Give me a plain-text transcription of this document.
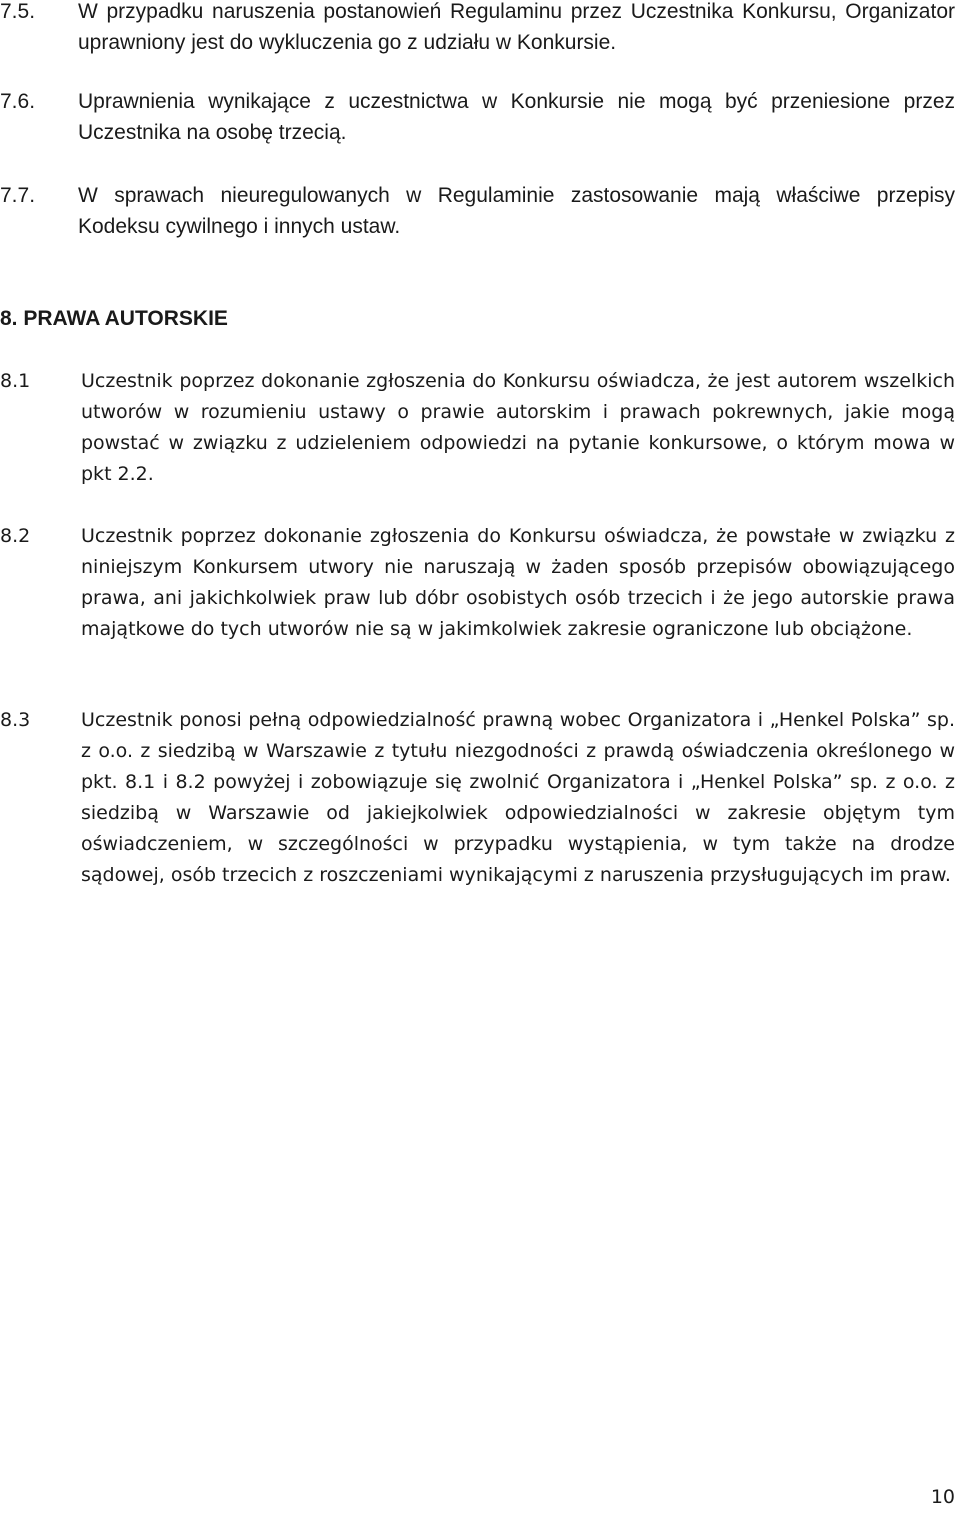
7.5. W przypadku naruszenia postanowień Regulaminu przez Uczestnika Konkursu, Organizator uprawniony jest do wykluczenia go z udziału w Konkursie.
7.6. Uprawnienia wynikające z uczestnictwa w Konkursie nie mogą być przeniesione przez Uczestnika na osobę trzecią.
7.7. W sprawach nieuregulowanych w Regulaminie zastosowanie mają właściwe przepisy Kodeksu cywilnego i innych ustaw.
8. PRAWA AUTORSKIE
8.1	Uczestnik poprzez dokonanie zgłoszenia do Konkursu oświadcza, że jest autorem wszelkich utworów w rozumieniu ustawy o prawie autorskim i prawach pokrewnych, jakie mogą powstać w związku z udzieleniem odpowiedzi na pytanie konkursowe, o którym mowa w pkt 2.2.
8.2	Uczestnik poprzez dokonanie zgłoszenia do Konkursu oświadcza, że powstałe w związku z niniejszym Konkursem utwory nie naruszają w żaden sposób przepisów obowiązującego prawa, ani jakichkolwiek praw lub dóbr osobistych osób trzecich i że jego autorskie prawa majątkowe do tych utworów nie są w jakimkolwiek zakresie ograniczone lub obciążone.
8.3	Uczestnik ponosi pełną odpowiedzialność prawną wobec Organizatora i „Henkel Polska” sp. z o.o. z siedzibą w Warszawie z tytułu niezgodności z prawdą oświadczenia określonego w pkt. 8.1 i 8.2 powyżej i zobowiązuje się zwolnić Organizatora i „Henkel Polska” sp. z o.o. z siedzibą w Warszawie od jakiejkolwiek odpowiedzialności w zakresie objętym tym oświadczeniem, w szczególności w przypadku wystąpienia, w tym także na drodze sądowej, osób trzecich z roszczeniami wynikającymi z naruszenia przysługujących im praw.
10
